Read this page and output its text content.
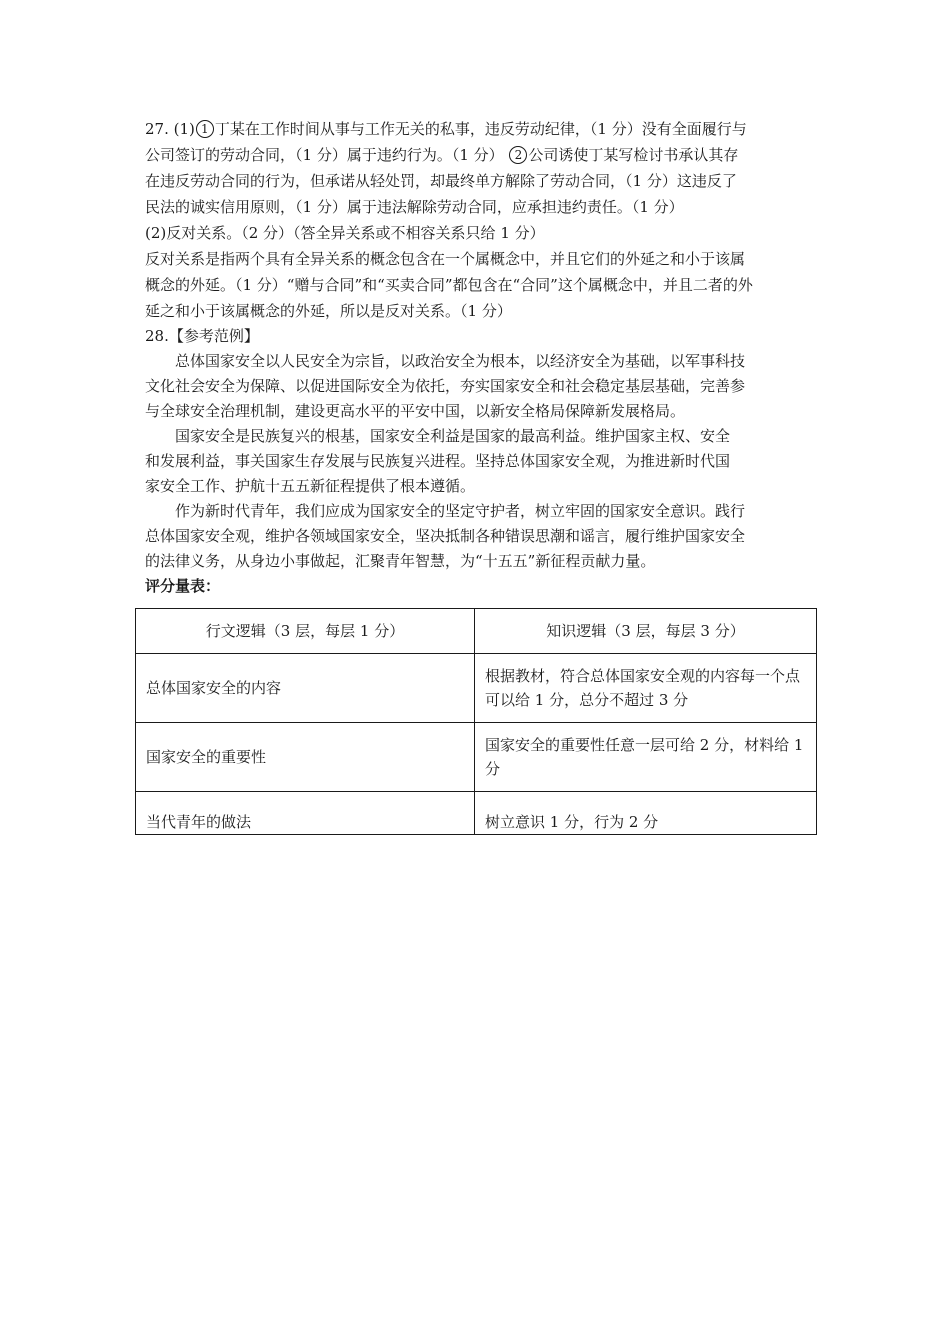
27. (1) 1 丁某在工作时间从事与工作无关的私事，违反劳动纪律，（1 分）没有全面履行与
公司签订的劳动合同，（1 分）属于违约行为。（1 分） 2 公司诱使丁某写检讨书承认其存
在违反劳动合同的行为，但承诺从轻处罚，却最终单方解除了劳动合同，（1 分）这违反了
民法的诚实信用原则，（1 分）属于违法解除劳动合同，应承担违约责任。（1 分）
(2)反对关系。（2 分）（答全异关系或不相容关系只给 1 分）
反对关系是指两个具有全异关系的概念包含在一个属概念中，并且它们的外延之和小于该属
概念的外延。（1 分）“赠与合同”和“买卖合同”都包含在“合同”这个属概念中，并且二者的外
延之和小于该属概念的外延，所以是反对关系。（1 分）
28.【参考范例】
总体国家安全以人民安全为宗旨，以政治安全为根本，以经济安全为基础，以军事科技
文化社会安全为保障、以促进国际安全为依托，夯实国家安全和社会稳定基层基础，完善参
与全球安全治理机制，建设更高水平的平安中国，以新安全格局保障新发展格局。
国家安全是民族复兴的根基，国家安全利益是国家的最高利益。维护国家主权、安全
和发展利益，事关国家生存发展与民族复兴进程。坚持总体国家安全观，为推进新时代国
家安全工作、护航十五五新征程提供了根本遵循。
作为新时代青年，我们应成为国家安全的坚定守护者，树立牢固的国家安全意识。践行
总体国家安全观，维护各领域国家安全，坚决抵制各种错误思潮和谣言，履行维护国家安全
的法律义务，从身边小事做起，汇聚青年智慧，为“十五五”新征程贡献力量。
评分量表：
行文逻辑（3 层，每层 1 分）	知识逻辑（3 层，每层 3 分）
总体国家安全的内容	根据教材，符合总体国家安全观的内容每一个点可以给 1 分，总分不超过 3 分
国家安全的重要性	国家安全的重要性任意一层可给 2 分，材料给 1 分
当代青年的做法	树立意识 1 分，行为 2 分
